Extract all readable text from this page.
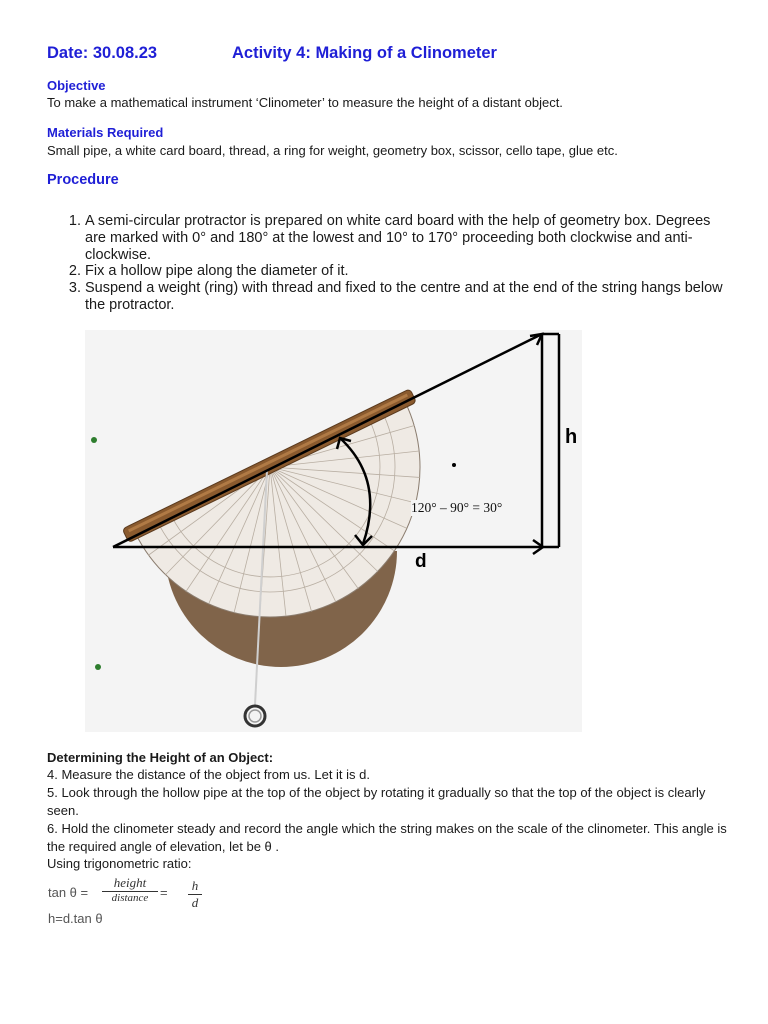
Date: 30.08.23	Activity 4: Making of a Clinometer
Objective
To make a mathematical instrument ‘Clinometer’ to measure the height of a distant object.
Materials Required
Small pipe, a white card board, thread, a ring for weight, geometry box, scissor, cello tape, glue etc.
Procedure
1. A semi-circular protractor is prepared on white card board with the help of geometry box. Degrees are marked with 0° and 180° at the lowest and 10° to 170° proceeding both clockwise and anti-clockwise.
2. Fix a hollow pipe along the diameter of it.
3. Suspend a weight (ring) with thread and fixed to the centre and at the end of the string hangs below the protractor.
h
d
120° – 90° = 30°
Determining the Height of an Object:
4. Measure the distance of the object from us. Let it is d.
5. Look through the hollow pipe at the top of the object by rotating it gradually so that the top of the object is clearly seen.
6. Hold the clinometer steady and record the angle which the string makes on the scale of the clinometer. This angle is the required angle of elevation, let be θ .
Using trigonometric ratio:
tan θ =
height
distance = $\frac{h}{d}$
h=d.tan θ
